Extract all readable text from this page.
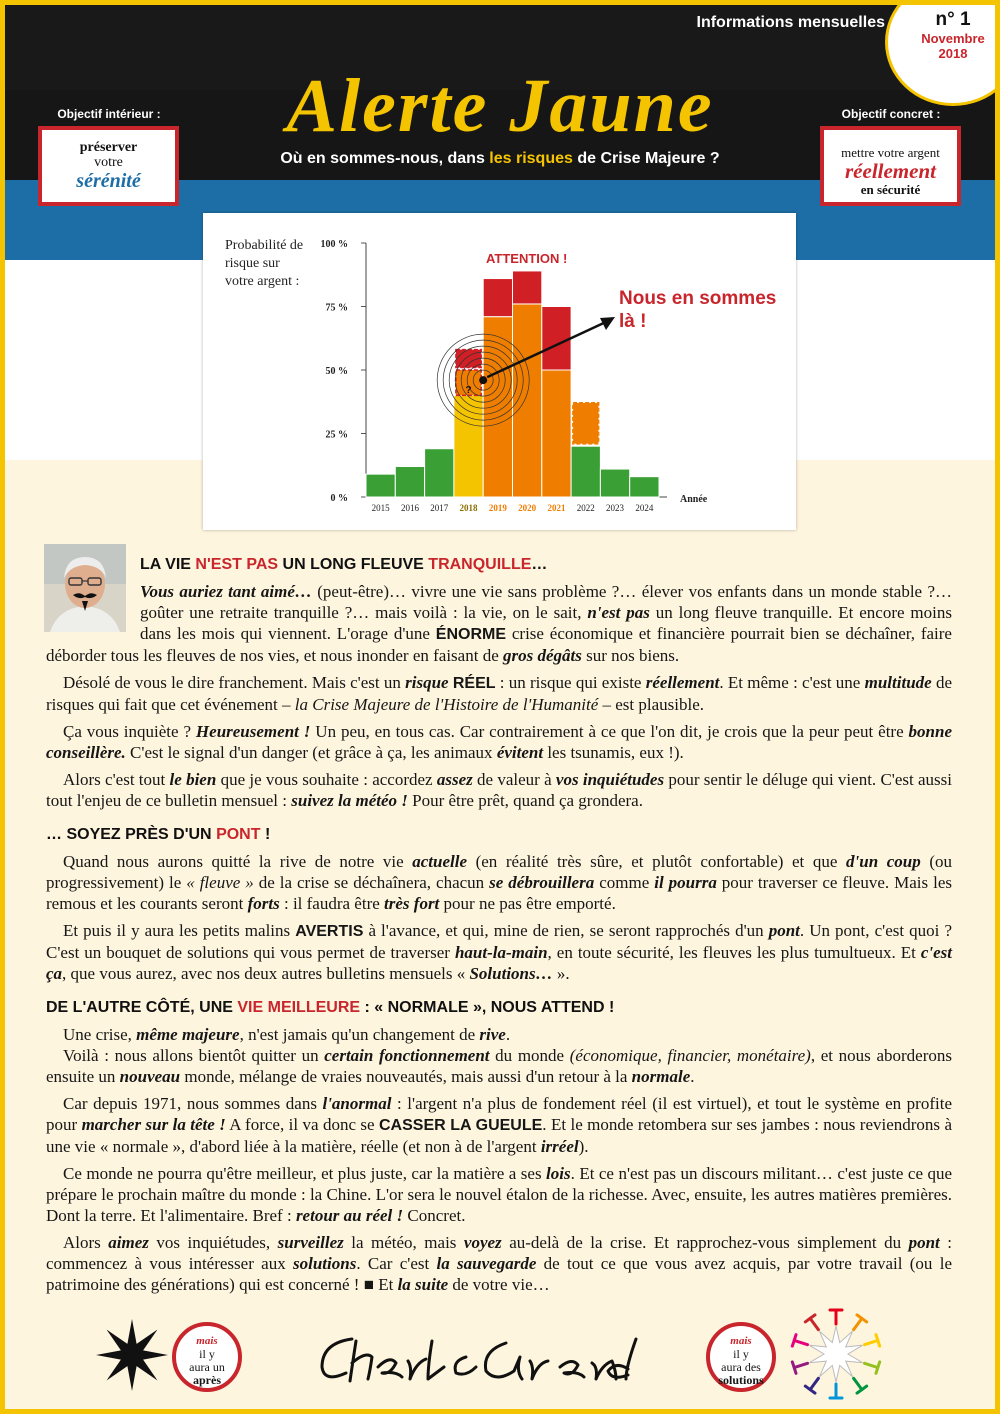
Informations mensuelles	n° 1
Novembre
2018
Alerte Jaune
Où en sommes-nous, dans les risques de Crise Majeure ?
Objectif intérieur :
préserver
votre
sérénité
Objectif concret :
mettre votre argent
réellement
en sécurité
Probabilité de risque sur votre argent :
100 %
75 %
50 %
25 %
0 %	Année
2015 2016 2017 2018 2019 2020 2021 2022 2023 2024
?
ATTENTION !
Nous en sommes là !
LA VIE N'EST PAS UN LONG FLEUVE TRANQUILLE…

Vous auriez tant aimé… (peut-être)… vivre une vie sans problème ?… élever vos enfants dans un monde stable ?… goûter une retraite tranquille ?… mais voilà : la vie, on le sait, n'est pas un long fleuve tranquille. Et encore moins dans les mois qui viennent. L'orage d'une ÉNORME crise économique et financière pourrait bien se déchaîner, faire déborder tous les fleuves de nos vies, et nous inonder en faisant de gros dégâts sur nos biens.

Désolé de vous le dire franchement. Mais c'est un risque RÉEL : un risque qui existe réellement. Et même : c'est une multitude de risques qui fait que cet événement – la Crise Majeure de l'Histoire de l'Humanité – est plausible.

Ça vous inquiète ? Heureusement ! Un peu, en tous cas. Car contrairement à ce que l'on dit, je crois que la peur peut être bonne conseillère. C'est le signal d'un danger (et grâce à ça, les animaux évitent les tsunamis, eux !).

Alors c'est tout le bien que je vous souhaite : accordez assez de valeur à vos inquiétudes pour sentir le déluge qui vient. C'est aussi tout l'enjeu de ce bulletin mensuel : suivez la météo ! Pour être prêt, quand ça grondera.

… SOYEZ PRÈS D'UN PONT !

Quand nous aurons quitté la rive de notre vie actuelle (en réalité très sûre, et plutôt confortable) et que d'un coup (ou progressivement) le « fleuve » de la crise se déchaînera, chacun se débrouillera comme il pourra pour traverser ce fleuve. Mais les remous et les courants seront forts : il faudra être très fort pour ne pas être emporté.

Et puis il y aura les petits malins AVERTIS à l'avance, et qui, mine de rien, se seront rapprochés d'un pont. Un pont, c'est quoi ? C'est un bouquet de solutions qui vous permet de traverser haut-la-main, en toute sécurité, les fleuves les plus tumultueux. Et c'est ça, que vous aurez, avec nos deux autres bulletins mensuels « Solutions… ».

DE L'AUTRE CÔTÉ, UNE VIE MEILLEURE : « NORMALE », NOUS ATTEND !

Une crise, même majeure, n'est jamais qu'un changement de rive.

Voilà : nous allons bientôt quitter un certain fonctionnement du monde (économique, financier, monétaire), et nous aborderons ensuite un nouveau monde, mélange de vraies nouveautés, mais aussi d'un retour à la normale.

Car depuis 1971, nous sommes dans l'anormal : l'argent n'a plus de fondement réel (il est virtuel), et tout le système en profite pour marcher sur la tête ! A force, il va donc se CASSER LA GUEULE. Et le monde retombera sur ses jambes : nous reviendrons à une vie « normale », d'abord liée à la matière, réelle (et non à de l'argent irréel).

Ce monde ne pourra qu'être meilleur, et plus juste, car la matière a ses lois. Et ce n'est pas un discours militant… c'est juste ce que prépare le prochain maître du monde : la Chine. L'or sera le nouvel étalon de la richesse. Avec, ensuite, les autres matières premières. Dont la terre. Et l'alimentaire. Bref : retour au réel ! Concret.

Alors aimez vos inquiétudes, surveillez la météo, mais voyez au-delà de la crise. Et rapprochez-vous simplement du pont : commencez à vous intéresser aux solutions. Car c'est la sauvegarde de tout ce que vous avez acquis, par votre travail (ou le patrimoine des générations) qui est concerné ! ■ Et la suite de votre vie…

mais
il y
aura un
après
mais
il y
aura des
solutions
